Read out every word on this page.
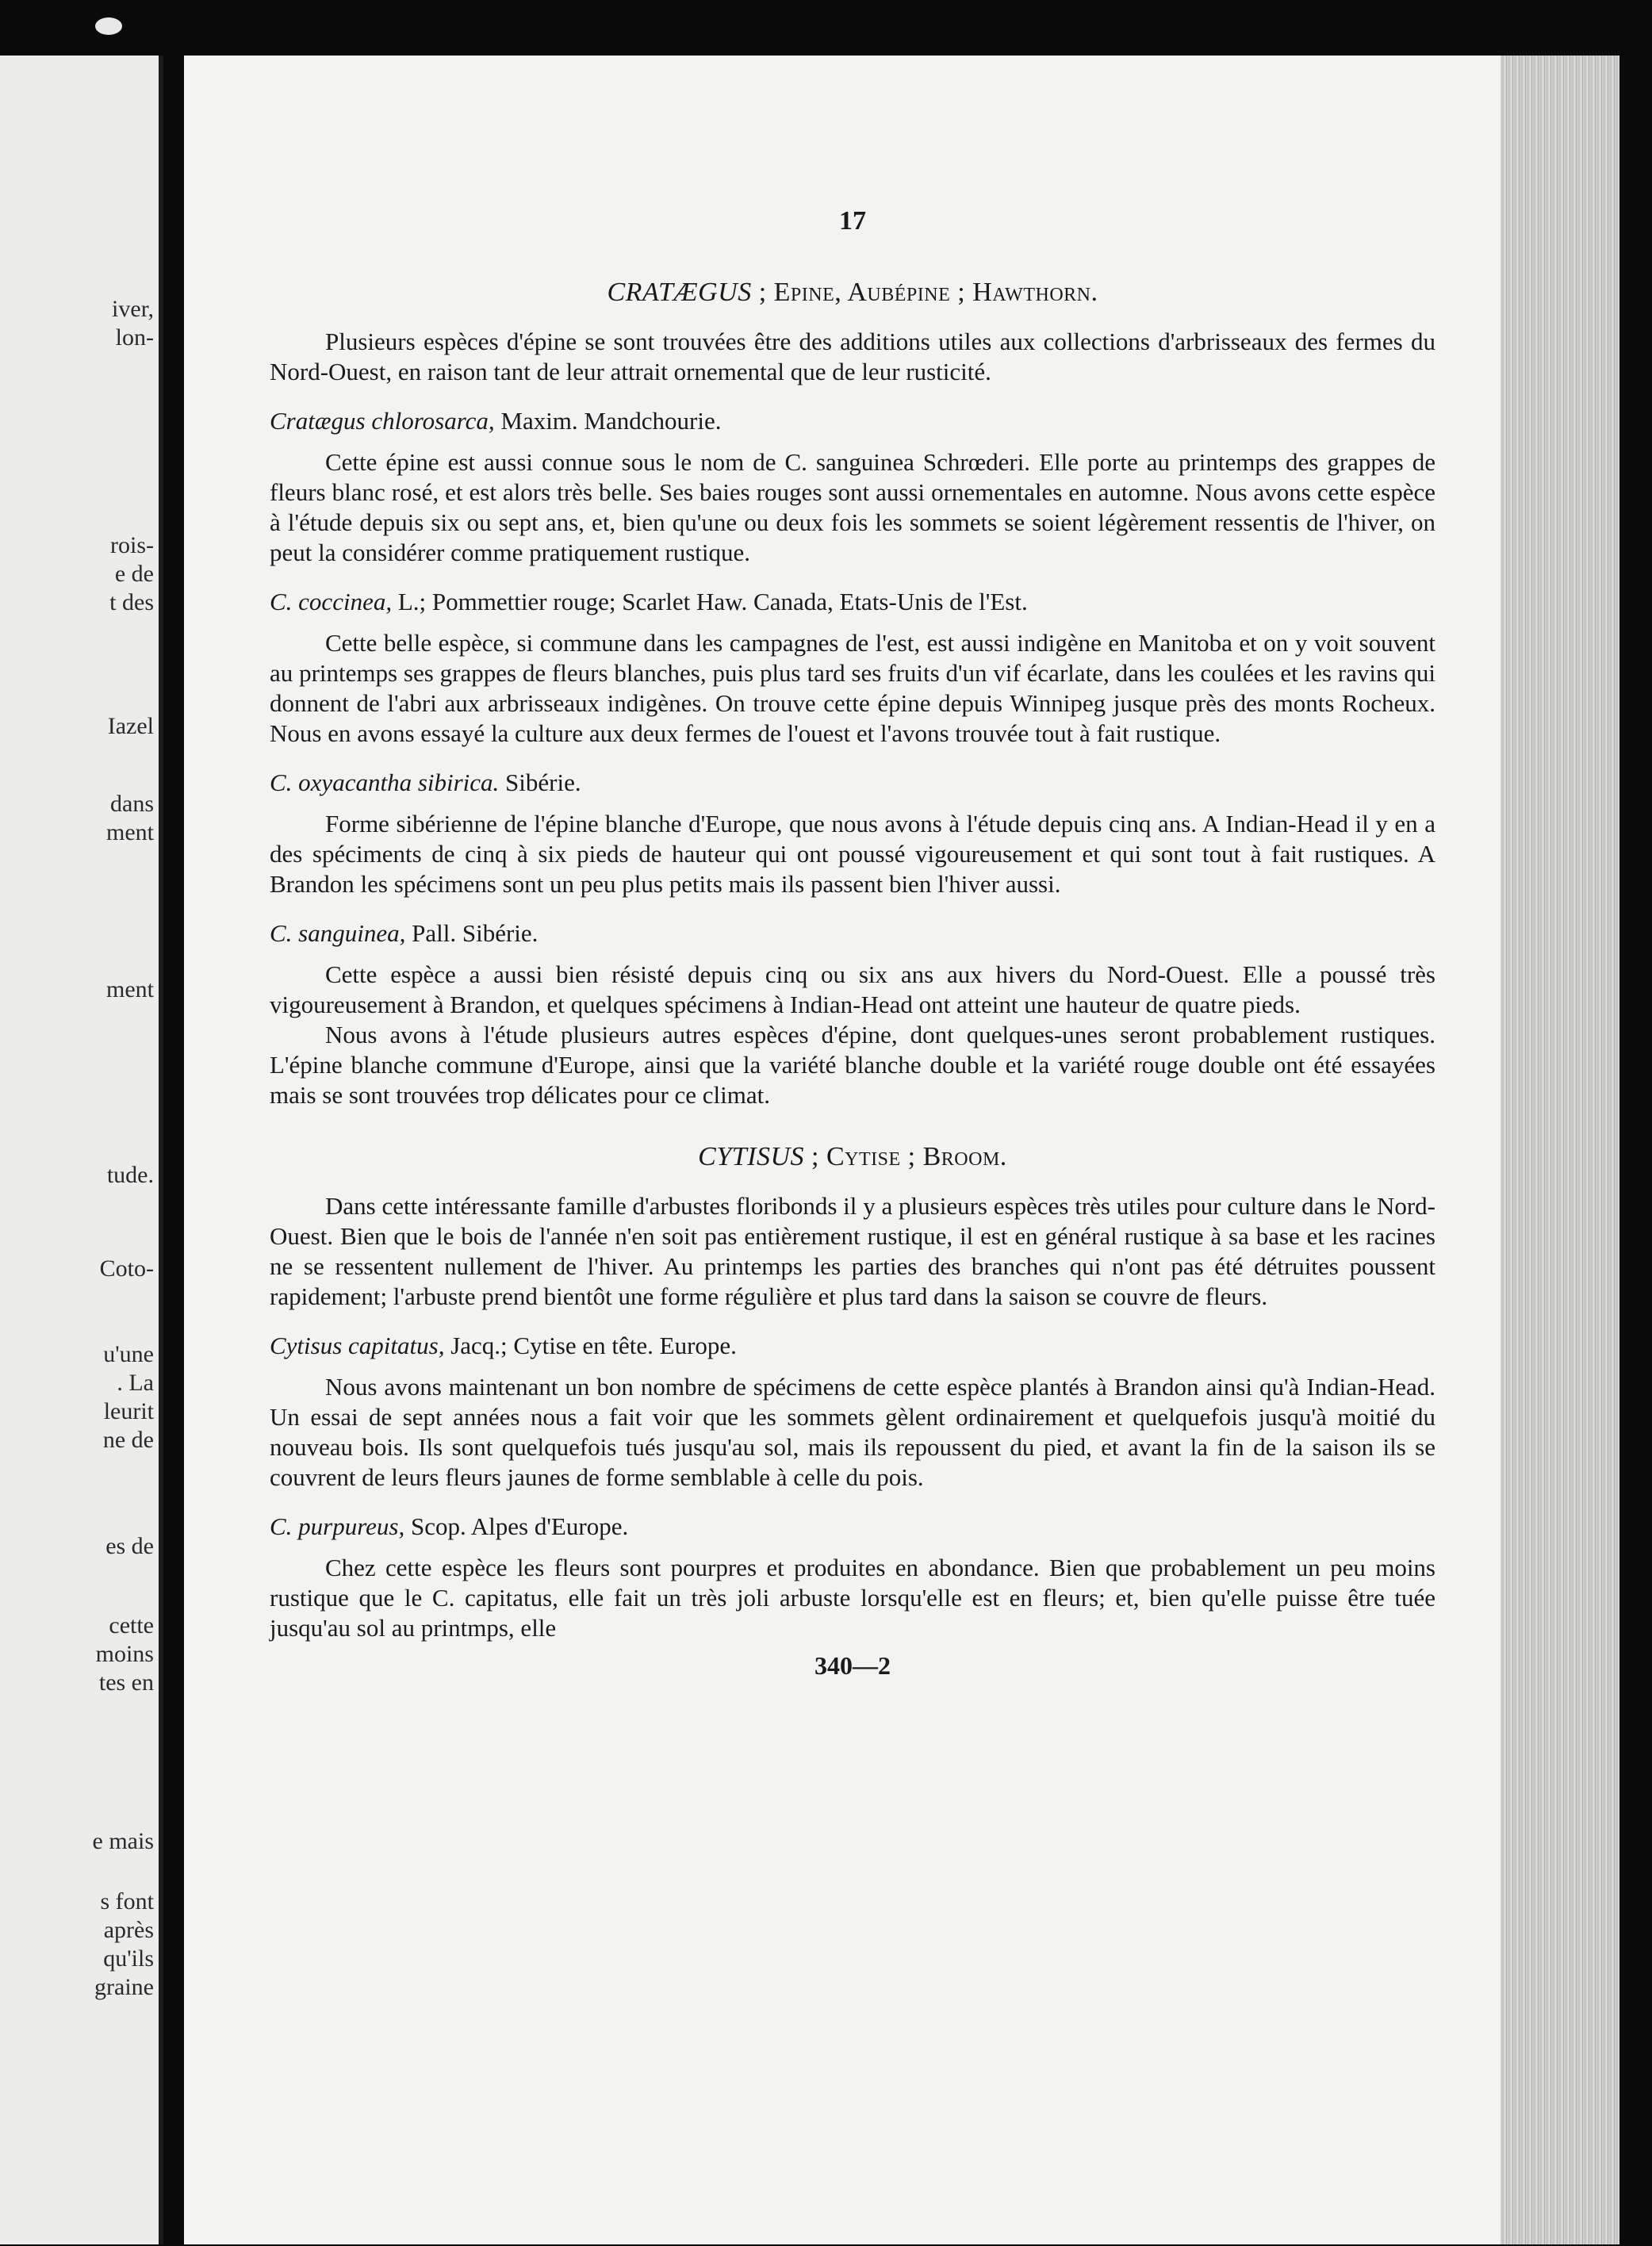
iver,
lon-
rois-
e de
t des
Iazel
dans
ment
ment
tude.
Coto-
u'une
. La
leurit
ne de
es de
cette
moins
tes en
e mais
s font
après
qu'ils
graine
17
CRATÆGUS ; Epine, Aubépine ; Hawthorn.

Plusieurs espèces d'épine se sont trouvées être des additions utiles aux collections d'arbrisseaux des fermes du Nord-Ouest, en raison tant de leur attrait ornemental que de leur rusticité.

Cratægus chlorosarca, Maxim. Mandchourie.

Cette épine est aussi connue sous le nom de C. sanguinea Schrœderi. Elle porte au printemps des grappes de fleurs blanc rosé, et est alors très belle. Ses baies rouges sont aussi ornementales en automne. Nous avons cette espèce à l'étude depuis six ou sept ans, et, bien qu'une ou deux fois les sommets se soient légèrement ressentis de l'hiver, on peut la considérer comme pratiquement rustique.

C. coccinea, L.; Pommettier rouge; Scarlet Haw. Canada, Etats-Unis de l'Est.

Cette belle espèce, si commune dans les campagnes de l'est, est aussi indigène en Manitoba et on y voit souvent au printemps ses grappes de fleurs blanches, puis plus tard ses fruits d'un vif écarlate, dans les coulées et les ravins qui donnent de l'abri aux arbrisseaux indigènes. On trouve cette épine depuis Winnipeg jusque près des monts Rocheux. Nous en avons essayé la culture aux deux fermes de l'ouest et l'avons trouvée tout à fait rustique.

C. oxyacantha sibirica. Sibérie.

Forme sibérienne de l'épine blanche d'Europe, que nous avons à l'étude depuis cinq ans. A Indian-Head il y en a des spéciments de cinq à six pieds de hauteur qui ont poussé vigoureusement et qui sont tout à fait rustiques. A Brandon les spécimens sont un peu plus petits mais ils passent bien l'hiver aussi.

C. sanguinea, Pall. Sibérie.

Cette espèce a aussi bien résisté depuis cinq ou six ans aux hivers du Nord-Ouest. Elle a poussé très vigoureusement à Brandon, et quelques spécimens à Indian-Head ont atteint une hauteur de quatre pieds.

Nous avons à l'étude plusieurs autres espèces d'épine, dont quelques-unes seront probablement rustiques. L'épine blanche commune d'Europe, ainsi que la variété blanche double et la variété rouge double ont été essayées mais se sont trouvées trop délicates pour ce climat.

CYTISUS ; Cytise ; Broom.

Dans cette intéressante famille d'arbustes floribonds il y a plusieurs espèces très utiles pour culture dans le Nord-Ouest. Bien que le bois de l'année n'en soit pas entièrement rustique, il est en général rustique à sa base et les racines ne se ressentent nullement de l'hiver. Au printemps les parties des branches qui n'ont pas été détruites poussent rapidement; l'arbuste prend bientôt une forme régulière et plus tard dans la saison se couvre de fleurs.

Cytisus capitatus, Jacq.; Cytise en tête. Europe.

Nous avons maintenant un bon nombre de spécimens de cette espèce plantés à Brandon ainsi qu'à Indian-Head. Un essai de sept années nous a fait voir que les sommets gèlent ordinairement et quelquefois jusqu'à moitié du nouveau bois. Ils sont quelquefois tués jusqu'au sol, mais ils repoussent du pied, et avant la fin de la saison ils se couvrent de leurs fleurs jaunes de forme semblable à celle du pois.

C. purpureus, Scop. Alpes d'Europe.

Chez cette espèce les fleurs sont pourpres et produites en abondance. Bien que probablement un peu moins rustique que le C. capitatus, elle fait un très joli arbuste lorsqu'elle est en fleurs; et, bien qu'elle puisse être tuée jusqu'au sol au printmps, elle

340—2
